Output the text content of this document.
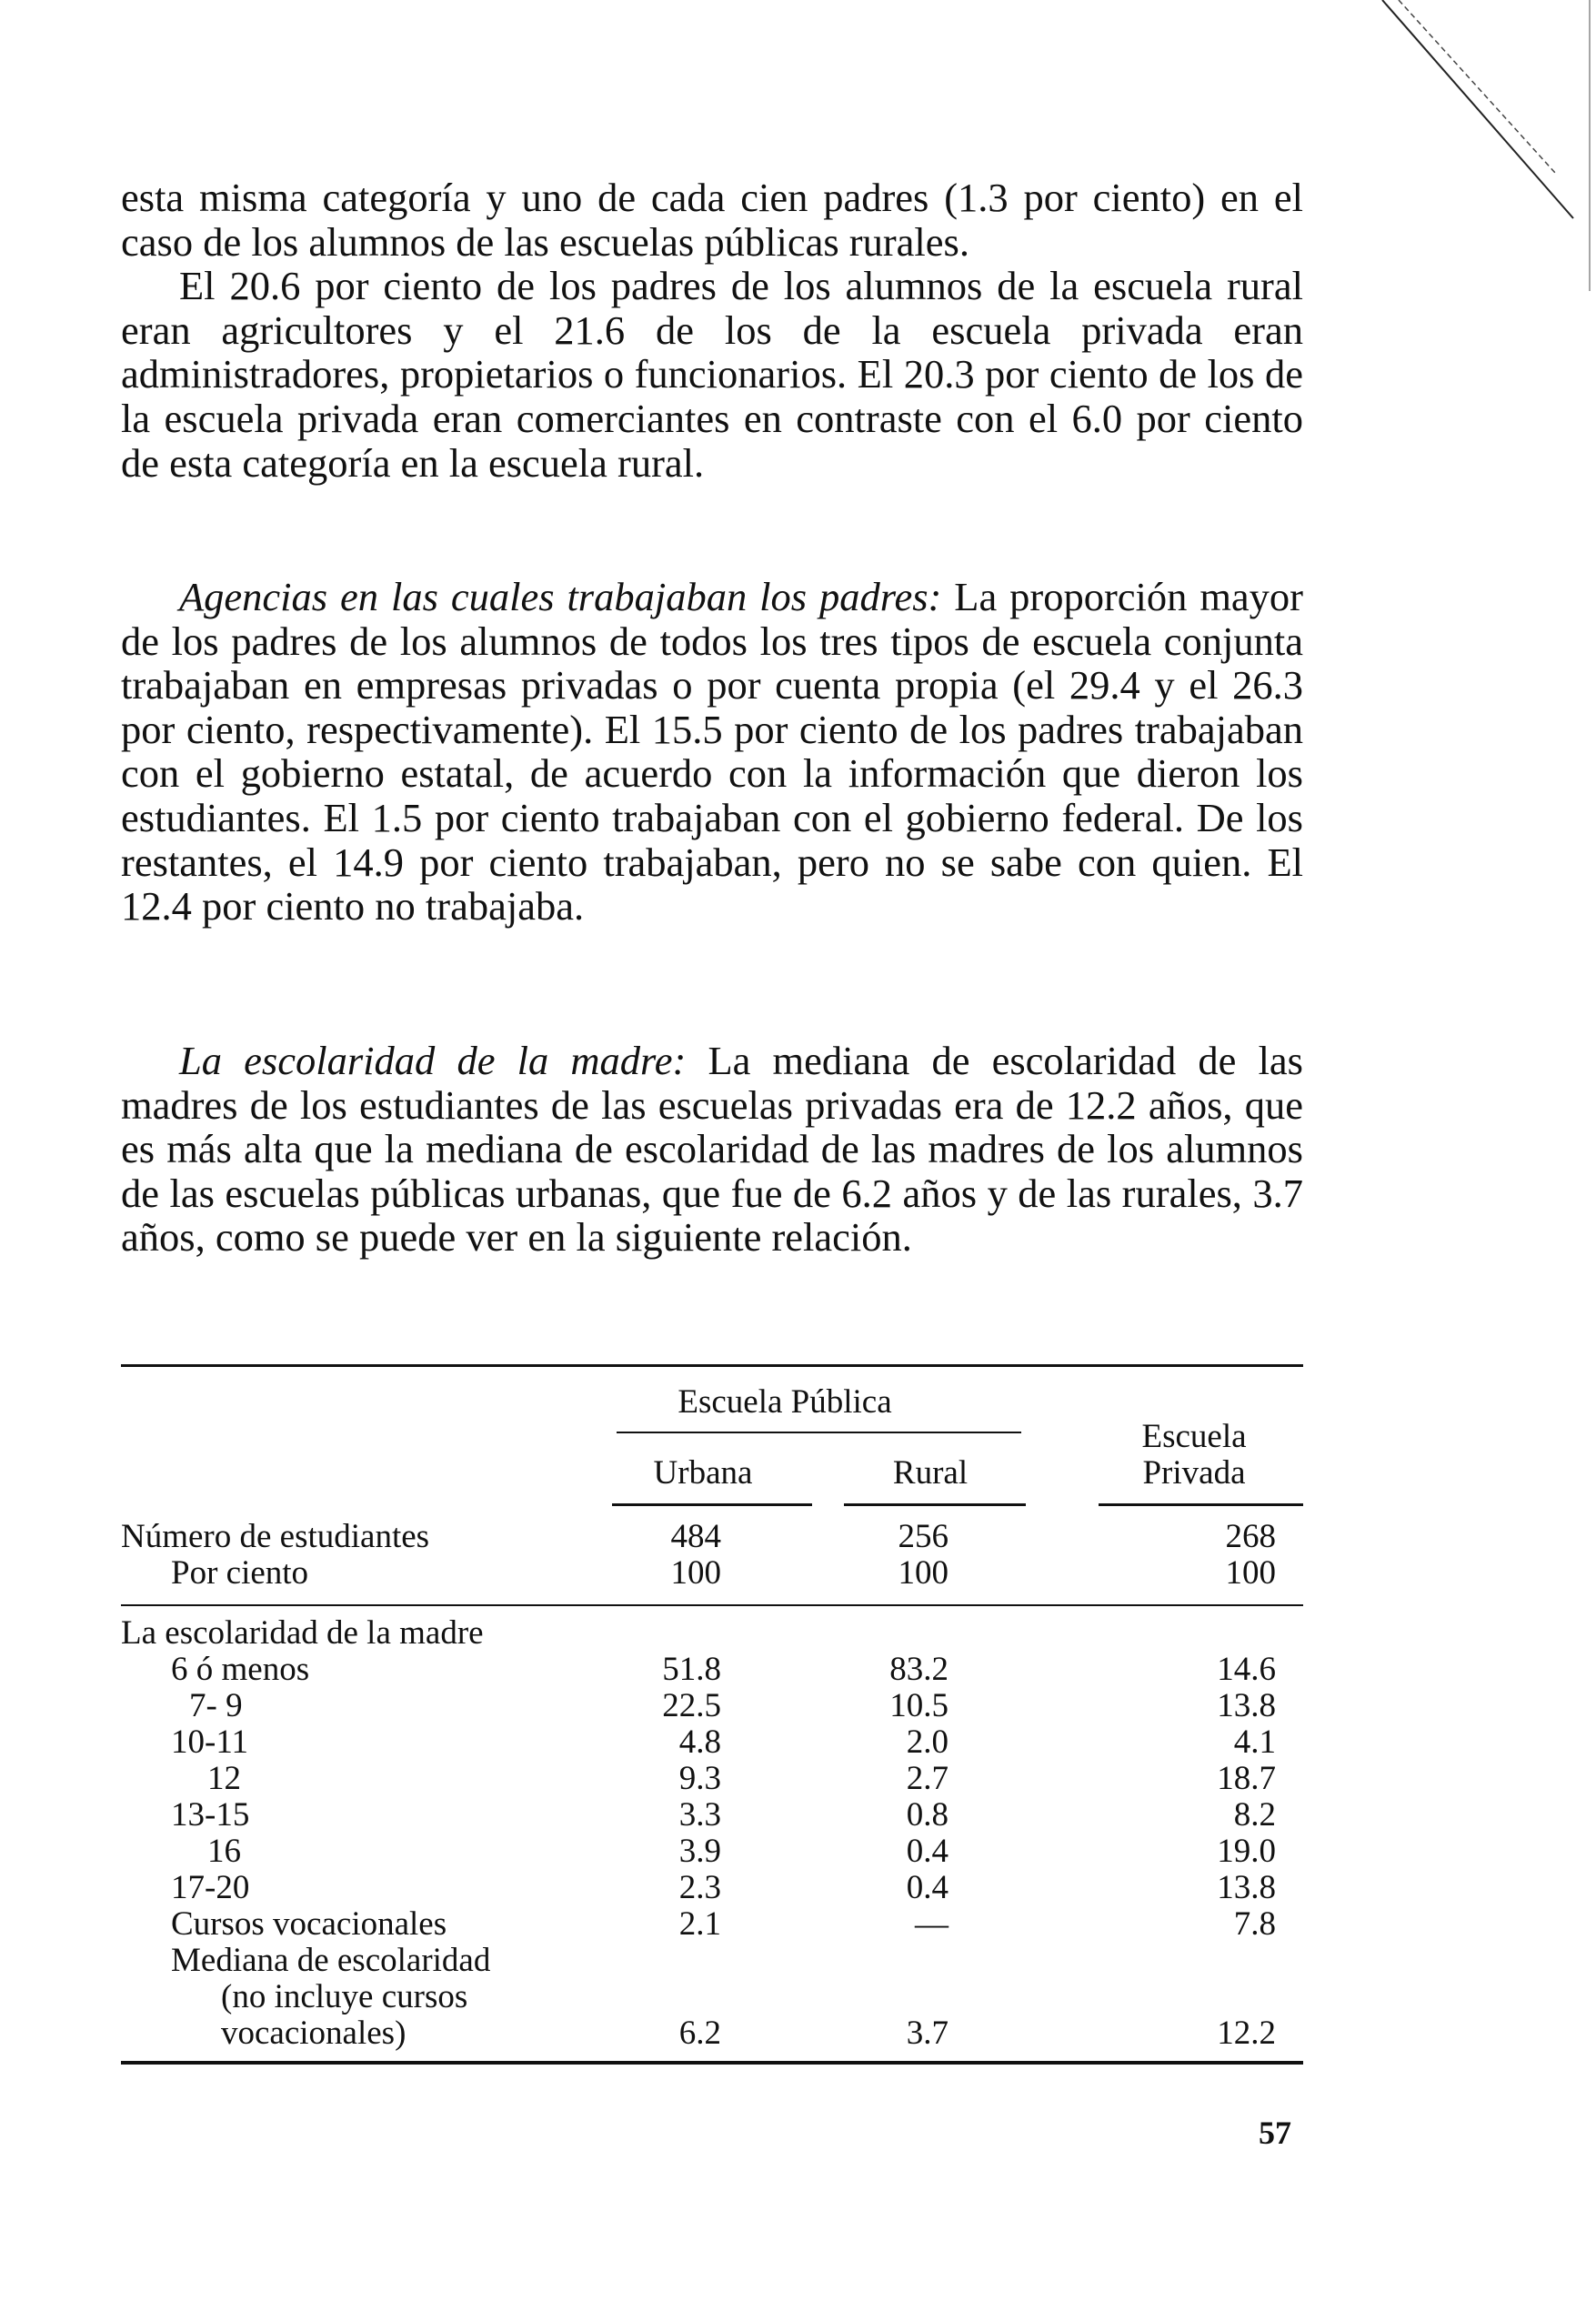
esta misma categoría y uno de cada cien padres (1.3 por ciento) en el caso de los alumnos de las escuelas públicas rurales.

El 20.6 por ciento de los padres de los alumnos de la escuela rural eran agricultores y el 21.6 de los de la escuela privada eran administradores, propietarios o funcionarios. El 20.3 por ciento de los de la escuela privada eran comerciantes en contraste con el 6.0 por ciento de esta categoría en la escuela rural.

Agencias en las cuales trabajaban los padres: La proporción mayor de los padres de los alumnos de todos los tres tipos de escuela conjunta trabajaban en empresas privadas o por cuenta propia (el 29.4 y el 26.3 por ciento, respectivamente). El 15.5 por ciento de los padres trabajaban con el gobierno estatal, de acuerdo con la información que dieron los estudiantes. El 1.5 por ciento trabajaban con el gobierno federal. De los restantes, el 14.9 por ciento trabajaban, pero no se sabe con quien. El 12.4 por ciento no trabajaba.
La escolaridad de la madre: La mediana de escolaridad de las madres de los estudiantes de las escuelas privadas era de 12.2 años, que es más alta que la mediana de escolaridad de las madres de los alumnos de las escuelas públicas urbanas, que fue de 6.2 años y de las rurales, 3.7 años, como se puede ver en la siguiente relación.
Escuela Pública
Escuela
Privada
Urbana	Rural
Número de estudiantes	484	256	268
Por ciento	100	100	100
La escolaridad de la madre
6 ó menos	51.8	83.2	14.6
7- 9	22.5	10.5	13.8
10-11	4.8	2.0	4.1
12	9.3	2.7	18.7
13-15	3.3	0.8	8.2
16	3.9	0.4	19.0
17-20	2.3	0.4	13.8
Cursos vocacionales	2.1	—	7.8
Mediana de escolaridad
(no incluye cursos
vocacionales)	6.2	3.7	12.2
57
